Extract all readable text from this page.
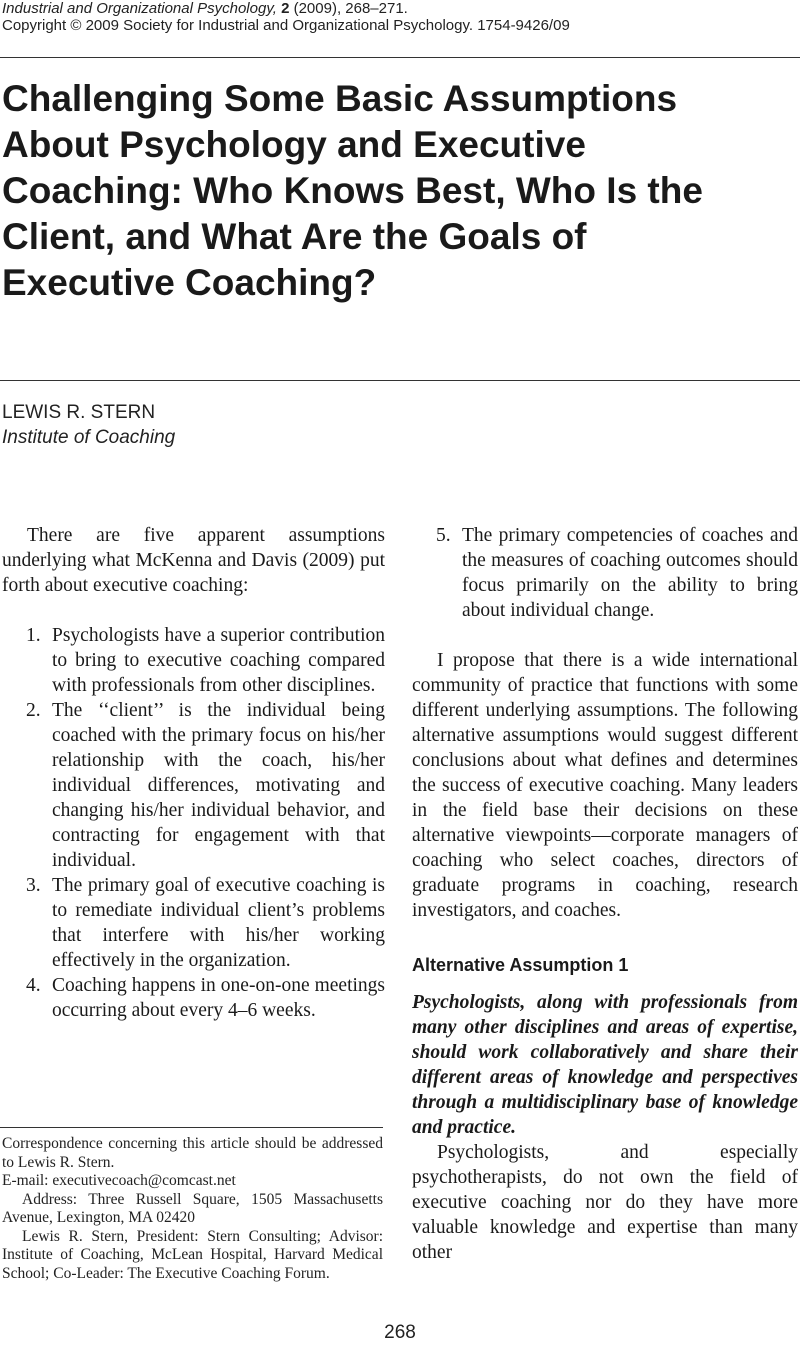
Industrial and Organizational Psychology, 2 (2009), 268–271.
Copyright © 2009 Society for Industrial and Organizational Psychology. 1754-9426/09
Challenging Some Basic Assumptions
About Psychology and Executive
Coaching: Who Knows Best, Who Is the
Client, and What Are the Goals of
Executive Coaching?
LEWIS R. STERN
Institute of Coaching

There are five apparent assumptions underlying what McKenna and Davis (2009) put forth about executive coaching:

1. Psychologists have a superior contribution to bring to executive coaching compared with professionals from other disciplines.
2. The ‘‘client’’ is the individual being coached with the primary focus on his/her relationship with the coach, his/her individual differences, motivating and changing his/her individual behavior, and contracting for engagement with that individual.
3. The primary goal of executive coaching is to remediate individual client’s problems that interfere with his/her working effectively in the organization.
4. Coaching happens in one-on-one meetings occurring about every 4–6 weeks.
5. The primary competencies of coaches and the measures of coaching outcomes should focus primarily on the ability to bring about individual change.

I propose that there is a wide international community of practice that functions with some different underlying assumptions. The following alternative assumptions would suggest different conclusions about what defines and determines the success of executive coaching. Many leaders in the field base their decisions on these alternative viewpoints—corporate managers of coaching who select coaches, directors of graduate programs in coaching, research investigators, and coaches.

Alternative Assumption 1

Psychologists, along with professionals from many other disciplines and areas of expertise, should work collaboratively and share their different areas of knowledge and perspectives through a multidisciplinary base of knowledge and practice.

Psychologists, and especially psychotherapists, do not own the field of executive coaching nor do they have more valuable knowledge and expertise than many other

Correspondence concerning this article should be addressed to Lewis R. Stern.

E-mail: executivecoach@comcast.net

Address: Three Russell Square, 1505 Massachusetts Avenue, Lexington, MA 02420

Lewis R. Stern, President: Stern Consulting; Advisor: Institute of Coaching, McLean Hospital, Harvard Medical School; Co-Leader: The Executive Coaching Forum.

268
